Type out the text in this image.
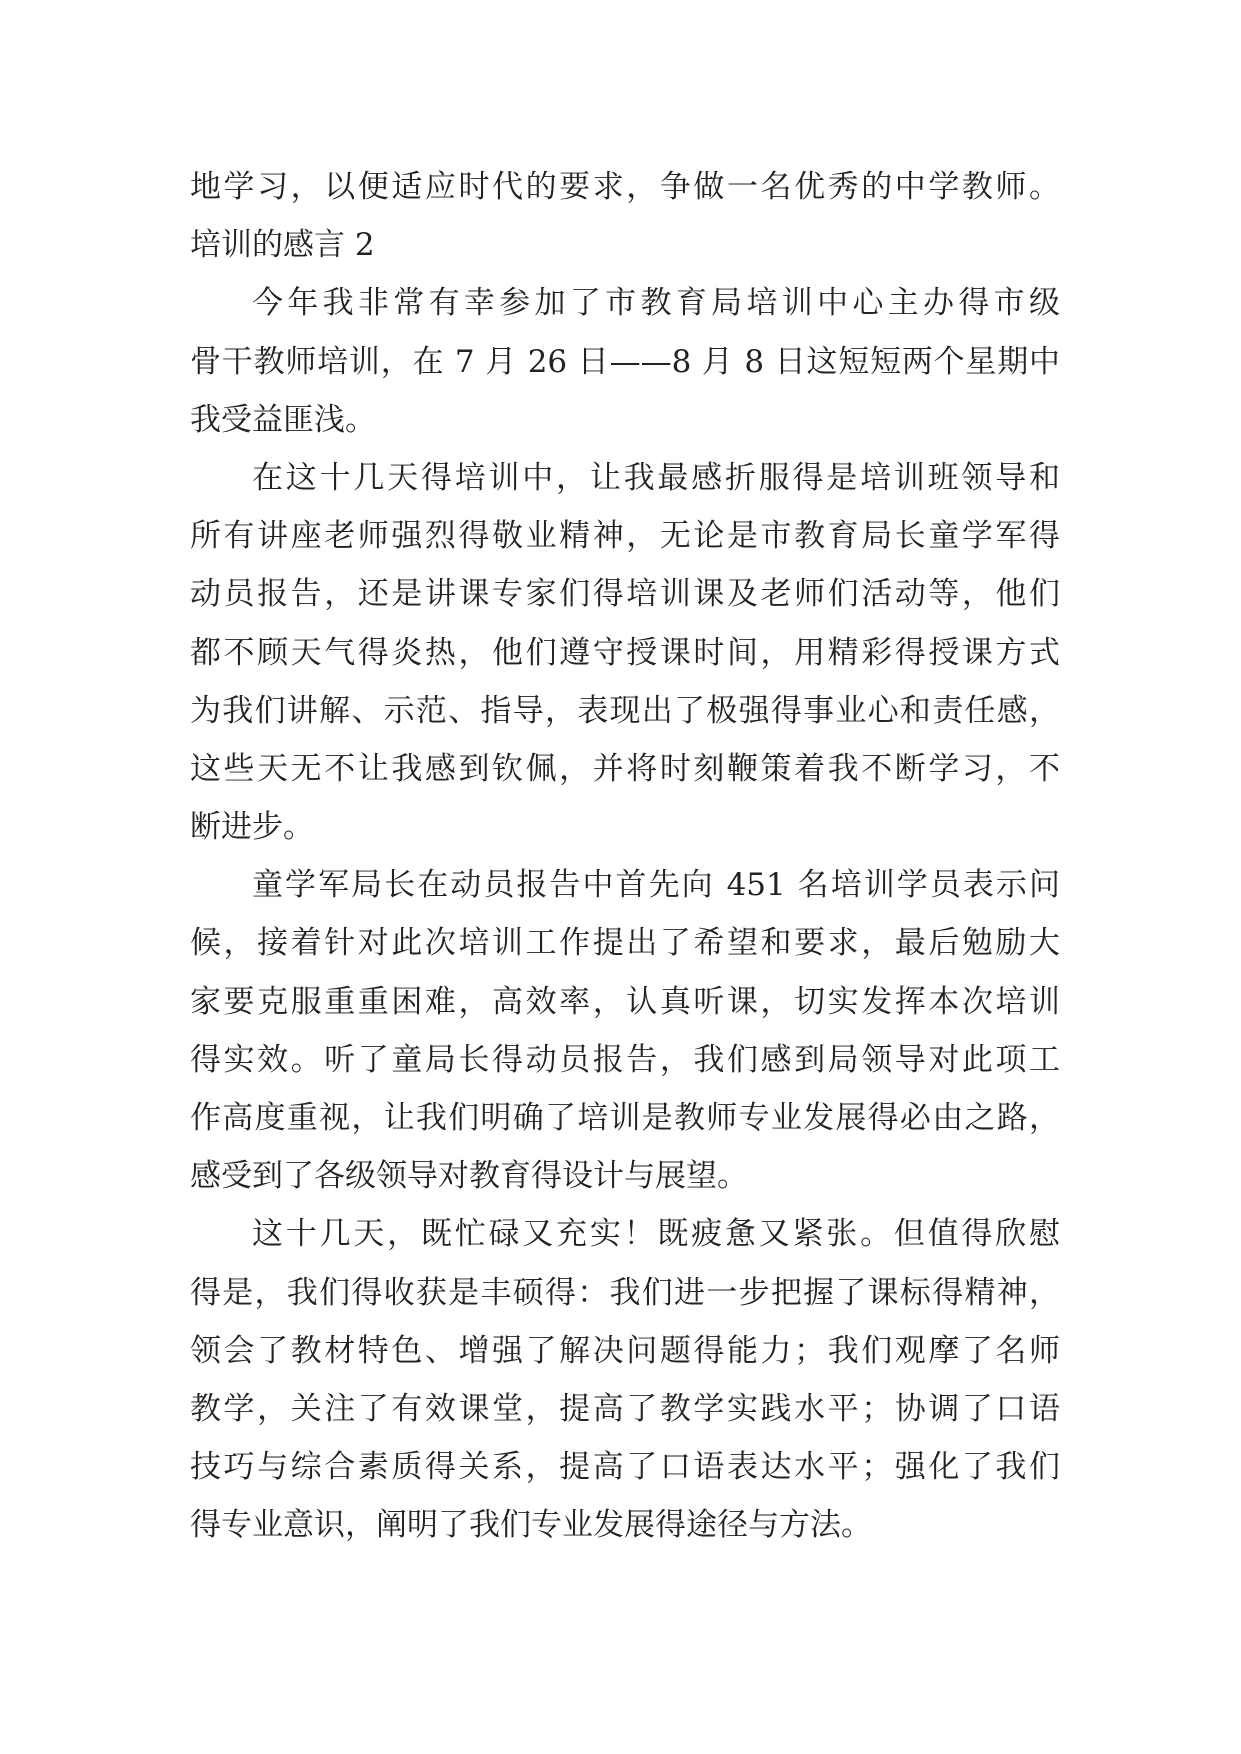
地学习，以便适应时代的要求，争做一名优秀的中学教师。
培训的感言 2
今年我非常有幸参加了市教育局培训中心主办得市级
骨干教师培训，在 7 月 26 日——8 月 8 日这短短两个星期中
我受益匪浅。
在这十几天得培训中，让我最感折服得是培训班领导和
所有讲座老师强烈得敬业精神，无论是市教育局长童学军得
动员报告，还是讲课专家们得培训课及老师们活动等，他们
都不顾天气得炎热，他们遵守授课时间，用精彩得授课方式
为我们讲解、示范、指导，表现出了极强得事业心和责任感，
这些天无不让我感到钦佩，并将时刻鞭策着我不断学习，不
断进步。
童学军局长在动员报告中首先向 451 名培训学员表示问
候，接着针对此次培训工作提出了希望和要求，最后勉励大
家要克服重重困难，高效率，认真听课，切实发挥本次培训
得实效。听了童局长得动员报告，我们感到局领导对此项工
作高度重视，让我们明确了培训是教师专业发展得必由之路，
感受到了各级领导对教育得设计与展望。
这十几天，既忙碌又充实！既疲惫又紧张。但值得欣慰
得是，我们得收获是丰硕得：我们进一步把握了课标得精神，
领会了教材特色、增强了解决问题得能力；我们观摩了名师
教学，关注了有效课堂，提高了教学实践水平；协调了口语
技巧与综合素质得关系，提高了口语表达水平；强化了我们
得专业意识，阐明了我们专业发展得途径与方法。
